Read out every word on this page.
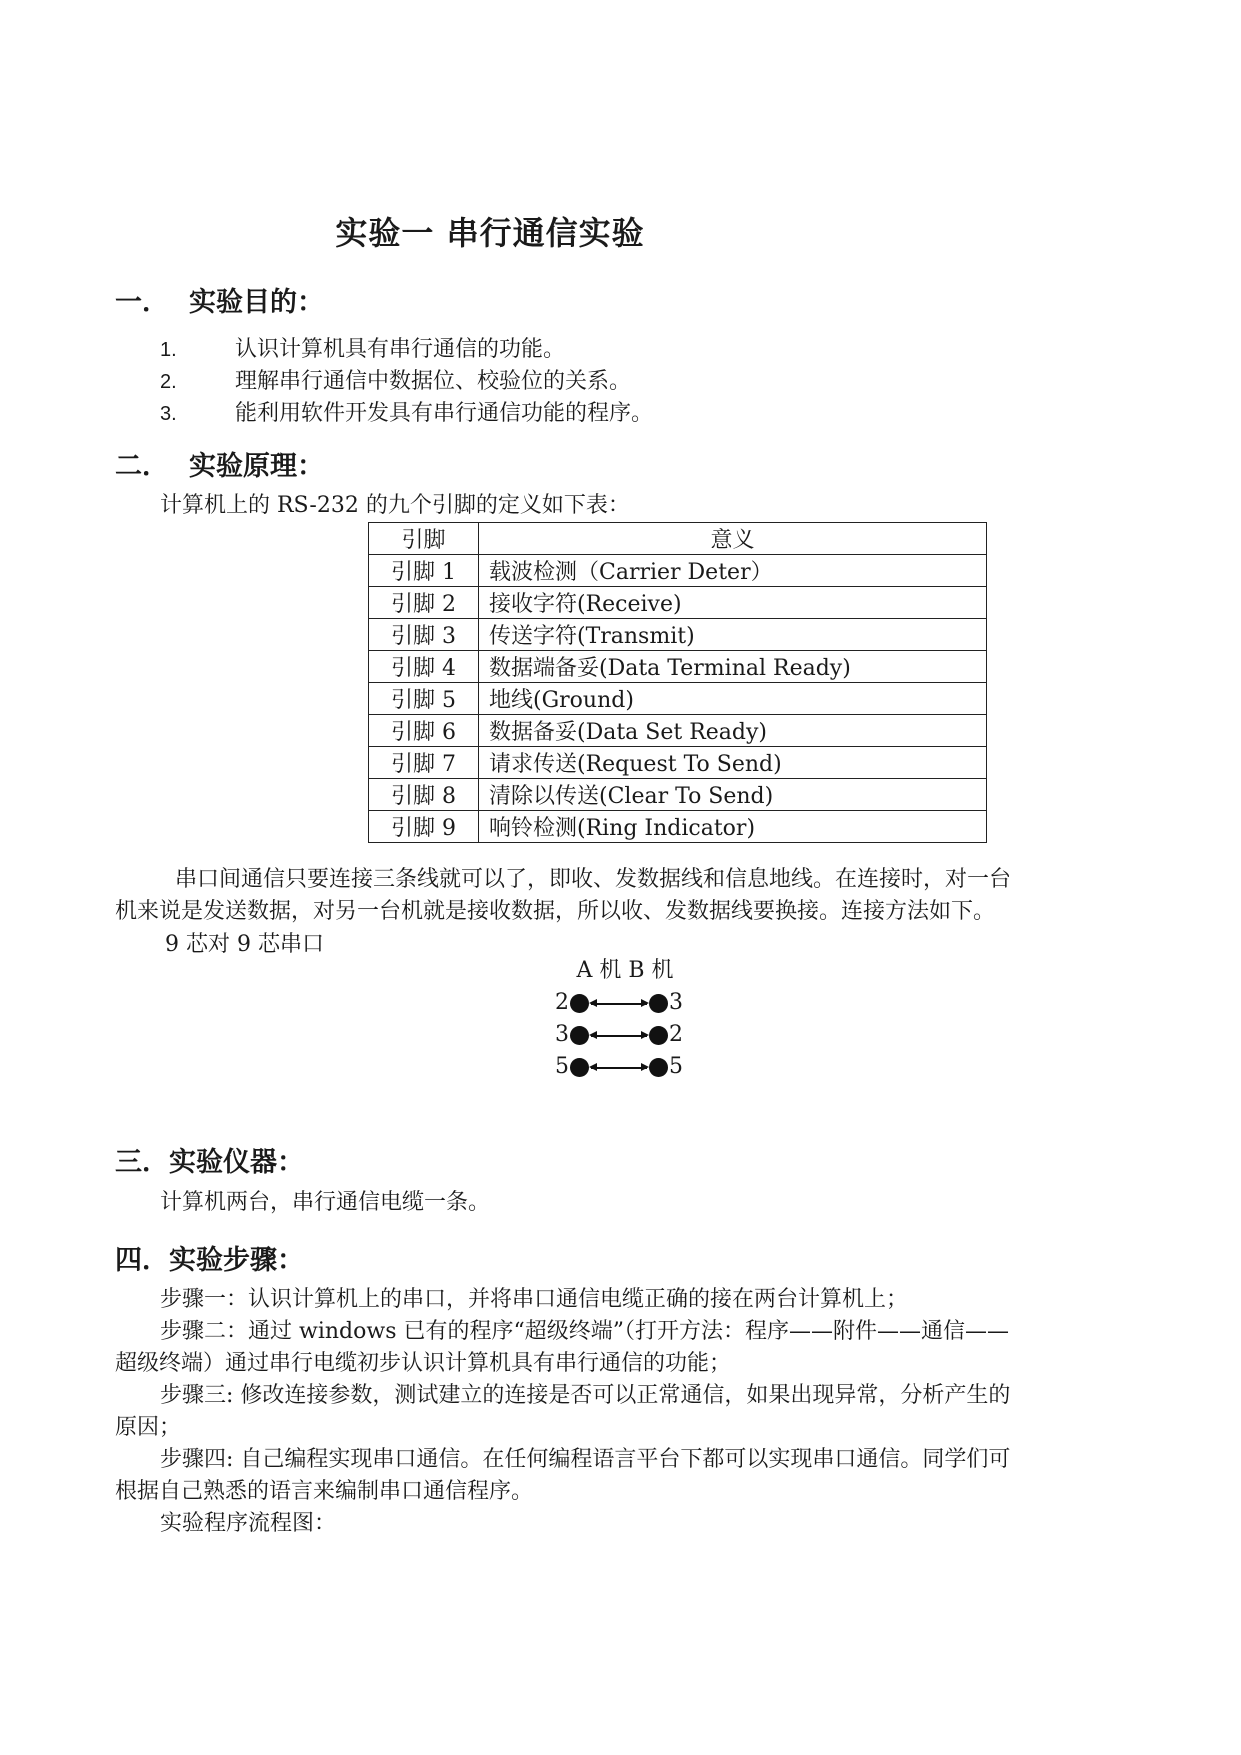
实验一 串行通信实验
一． 实验目的：
1.	认识计算机具有串行通信的功能。
2.	理解串行通信中数据位、校验位的关系。
3.	能利用软件开发具有串行通信功能的程序。
二． 实验原理：
计算机上的 RS-232 的九个引脚的定义如下表：
引脚	意义
引脚 1	载波检测（Carrier Deter）
引脚 2	接收字符(Receive)
引脚 3	传送字符(Transmit)
引脚 4	数据端备妥(Data Terminal Ready)
引脚 5	地线(Ground)
引脚 6	数据备妥(Data Set Ready)
引脚 7	请求传送(Request To Send)
引脚 8	清除以传送(Clear To Send)
引脚 9	响铃检测(Ring Indicator)
串口间通信只要连接三条线就可以了，即收、发数据线和信息地线。在连接时，对一台
机来说是发送数据，对另一台机就是接收数据，所以收、发数据线要换接。连接方法如下。
9 芯对 9 芯串口
A 机 B 机
2	3
3	2
5	5
三．实验仪器：
计算机两台，串行通信电缆一条。
四．实验步骤：
步骤一：认识计算机上的串口，并将串口通信电缆正确的接在两台计算机上；
步骤二：通过 windows 已有的程序“超级终端”（打开方法：程序——附件——通信——
超级终端）通过串行电缆初步认识计算机具有串行通信的功能；
步骤三: 修改连接参数，测试建立的连接是否可以正常通信，如果出现异常，分析产生的
原因；
步骤四: 自己编程实现串口通信。在任何编程语言平台下都可以实现串口通信。同学们可
根据自己熟悉的语言来编制串口通信程序。
实验程序流程图：
